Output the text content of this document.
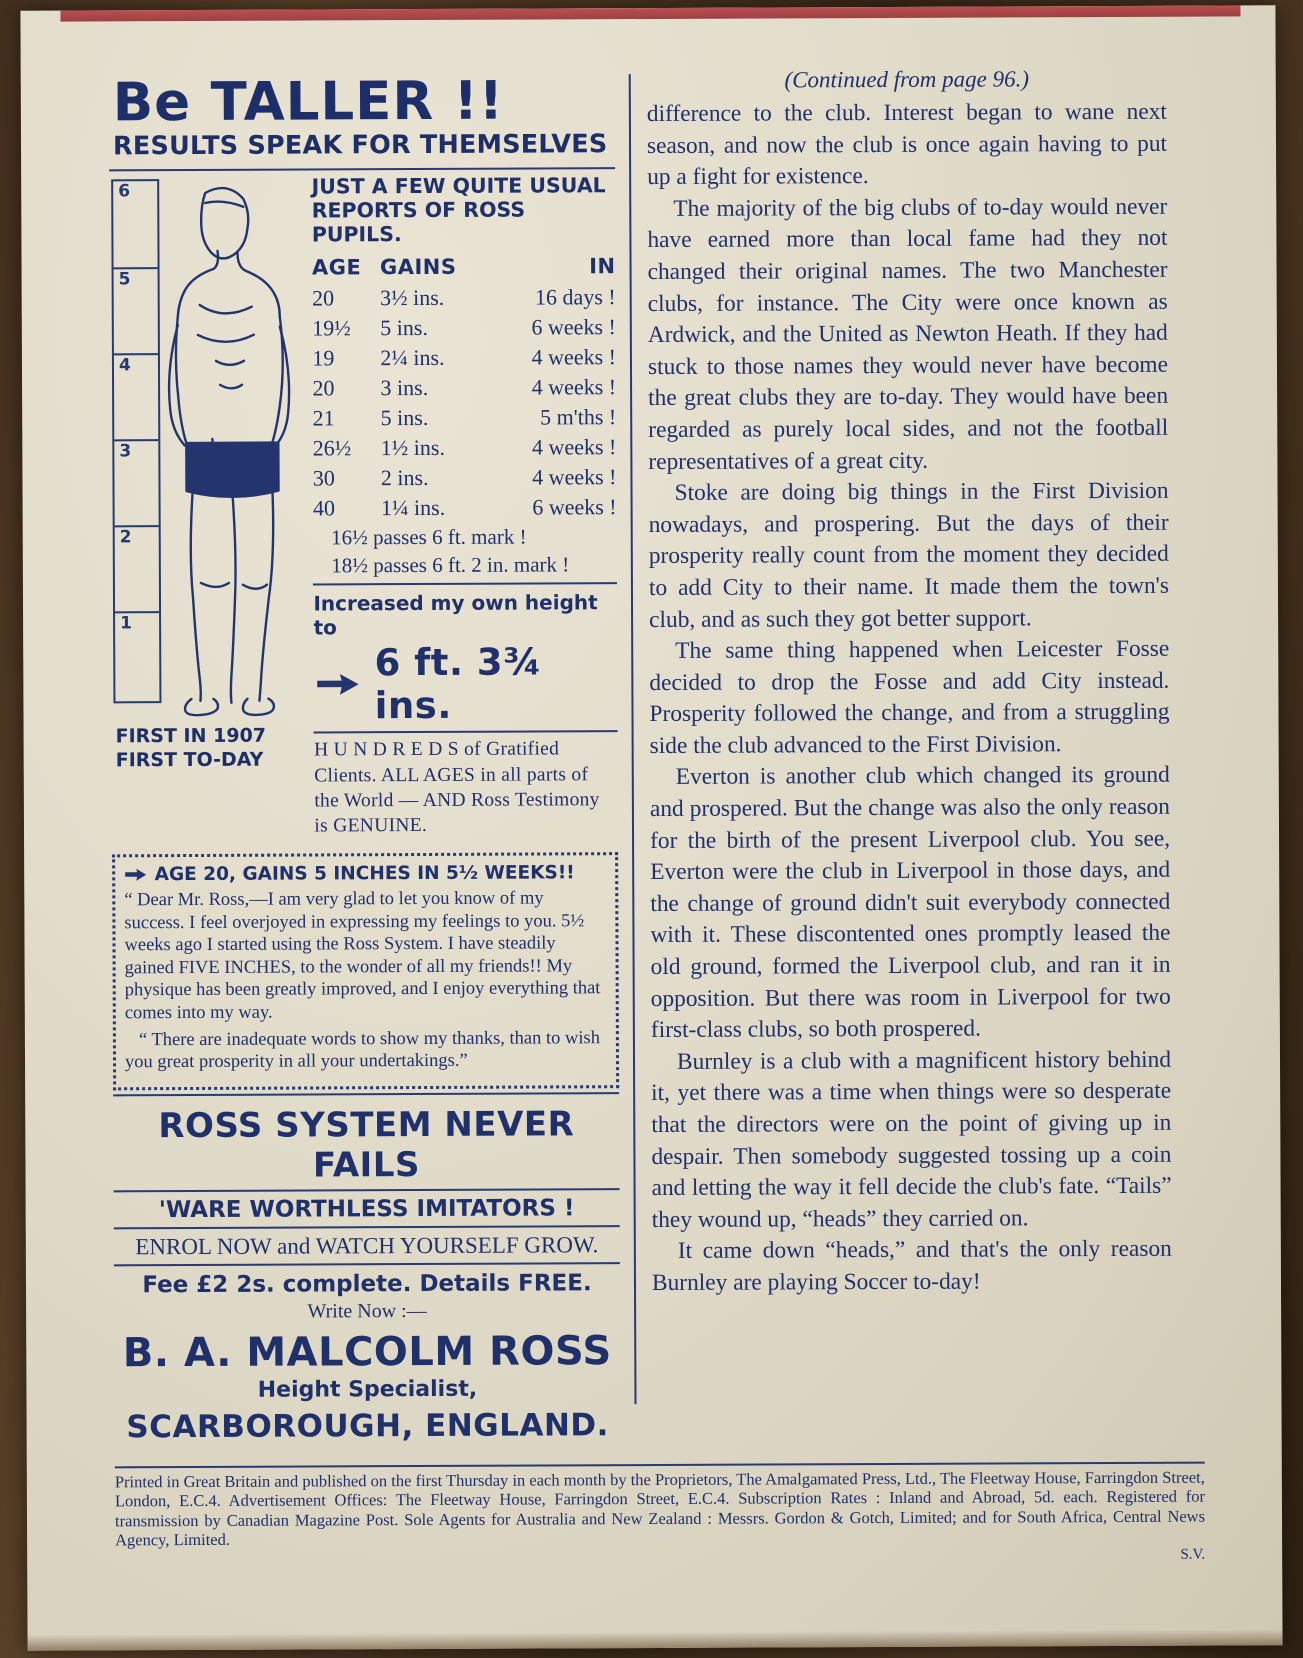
Be TALLER !!
RESULTS SPEAK FOR THEMSELVES
6
5
4
3
2
1
FIRST IN 1907
FIRST TO-DAY
JUST A FEW QUITE USUAL
REPORTS OF ROSS PUPILS.
AGE	GAINS	IN
20	3½ ins.	16 days !
19½	5 ins.	6 weeks !
19	2¼ ins.	4 weeks !
20	3 ins.	4 weeks !
21	5 ins.	5 m'ths !
26½	1½ ins.	4 weeks !
30	2 ins.	4 weeks !
40	1¼ ins.	6 weeks !
16½ passes 6 ft. mark !
18½ passes 6 ft. 2 in. mark !
Increased my own height to
6 ft. 3¾ ins.
H U N D R E D S of Gratified Clients. ALL AGES in all parts of the World — AND Ross Testimony is GENUINE.
AGE 20, GAINS 5 INCHES IN 5½ WEEKS!!

“ Dear Mr. Ross,—I am very glad to let you know of my success. I feel overjoyed in expressing my feelings to you. 5½ weeks ago I started using the Ross System. I have steadily gained FIVE INCHES, to the wonder of all my friends!! My physique has been greatly improved, and I enjoy everything that comes into my way.

“ There are inadequate words to show my thanks, than to wish you great prosperity in all your undertakings.”

ROSS SYSTEM NEVER FAILS
'WARE WORTHLESS IMITATORS !
ENROL NOW and WATCH YOURSELF GROW.
Fee £2 2s. complete. Details FREE.
Write Now :—
B. A. MALCOLM ROSS
Height Specialist,
SCARBOROUGH, ENGLAND.
(Continued from page 96.)

difference to the club. Interest began to wane next season, and now the club is once again having to put up a fight for existence.

The majority of the big clubs of to-day would never have earned more than local fame had they not changed their original names. The two Manchester clubs, for instance. The City were once known as Ardwick, and the United as Newton Heath. If they had stuck to those names they would never have become the great clubs they are to-day. They would have been regarded as purely local sides, and not the football representatives of a great city.

Stoke are doing big things in the First Division nowadays, and prospering. But the days of their prosperity really count from the moment they decided to add City to their name. It made them the town's club, and as such they got better support.

The same thing happened when Leicester Fosse decided to drop the Fosse and add City instead. Prosperity followed the change, and from a struggling side the club advanced to the First Division.

Everton is another club which changed its ground and prospered. But the change was also the only reason for the birth of the present Liverpool club. You see, Everton were the club in Liverpool in those days, and the change of ground didn't suit everybody connected with it. These discontented ones promptly leased the old ground, formed the Liverpool club, and ran it in opposition. But there was room in Liverpool for two first-class clubs, so both prospered.

Burnley is a club with a magnificent history behind it, yet there was a time when things were so desperate that the directors were on the point of giving up in despair. Then somebody suggested tossing up a coin and letting the way it fell decide the club's fate. “Tails” they wound up, “heads” they carried on.

It came down “heads,” and that's the only reason Burnley are playing Soccer to-day!

Printed in Great Britain and published on the first Thursday in each month by the Proprietors, The Amalgamated Press, Ltd., The Fleetway House, Farringdon Street, London, E.C.4. Advertisement Offices: The Fleetway House, Farringdon Street, E.C.4. Subscription Rates : Inland and Abroad, 5d. each. Registered for transmission by Canadian Magazine Post. Sole Agents for Australia and New Zealand : Messrs. Gordon & Gotch, Limited; and for South Africa, Central News Agency, Limited.
S.V.
